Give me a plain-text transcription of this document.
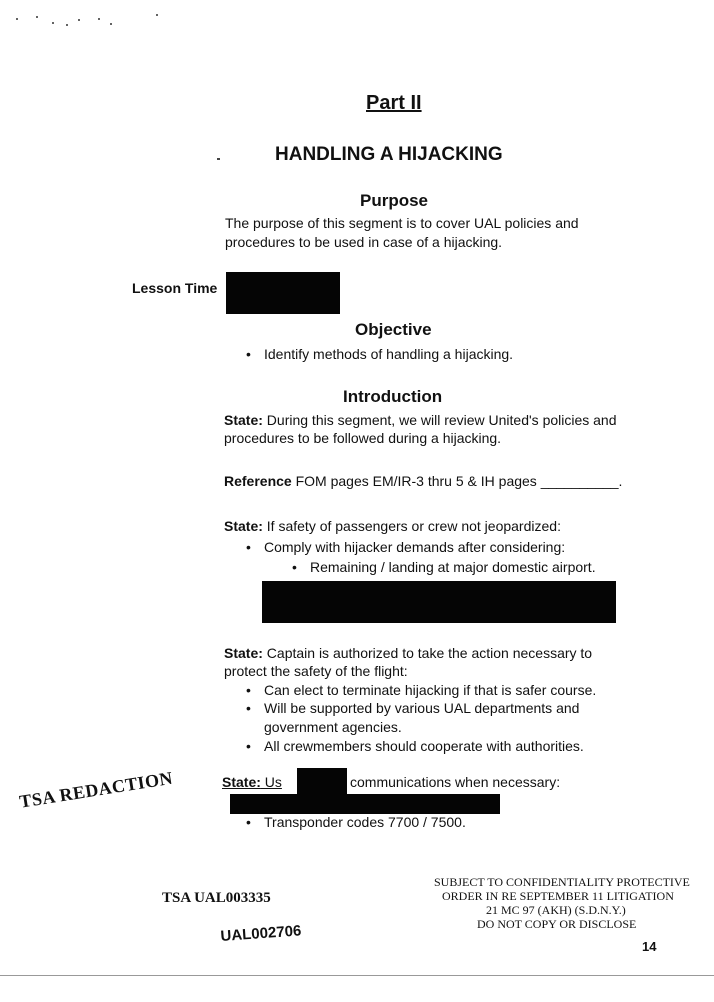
Part II
HANDLING A HIJACKING
Purpose
The purpose of this segment is to cover UAL policies and
procedures to be used in case of a hijacking.
Lesson Time
Objective
• Identify methods of handling a hijacking.
Introduction
State: During this segment, we will review United's policies and
procedures to be followed during a hijacking.
Reference FOM pages EM/IR-3 thru 5 & IH pages __________.
State: If safety of passengers or crew not jeopardized:
• Comply with hijacker demands after considering:
• Remaining / landing at major domestic airport.
State: Captain is authorized to take the action necessary to
protect the safety of the flight:
• Can elect to terminate hijacking if that is safer course.
• Will be supported by various UAL departments and
government agencies.
• All crewmembers should cooperate with authorities.
State: Us	communications when necessary:
• Transponder codes 7700 / 7500.
TSA REDACTION
TSA UAL003335
UAL002706
SUBJECT TO CONFIDENTIALITY PROTECTIVE
ORDER IN RE SEPTEMBER 11 LITIGATION
21 MC 97 (AKH) (S.D.N.Y.)
DO NOT COPY OR DISCLOSE
14
